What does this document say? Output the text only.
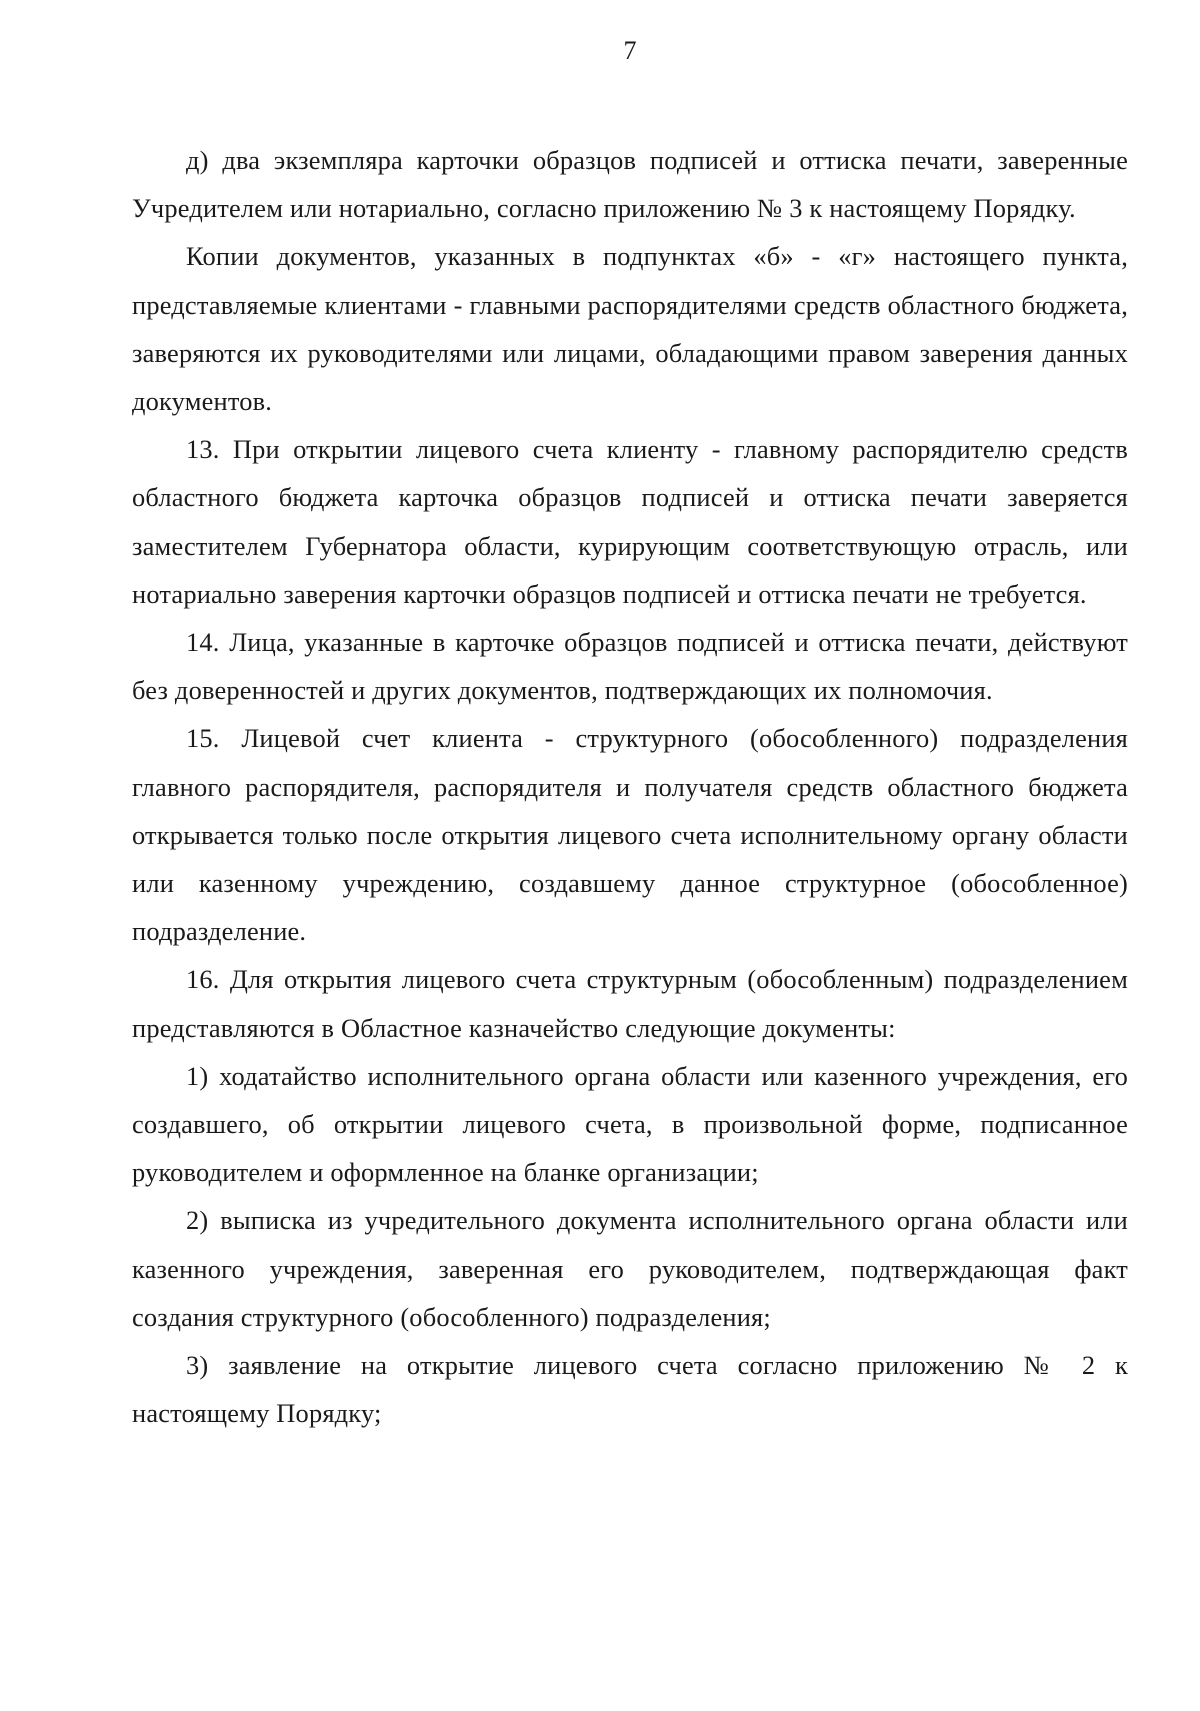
7

д) два экземпляра карточки образцов подписей и оттиска печати, заверенные Учредителем или нотариально, согласно приложению № 3 к настоящему Порядку.

Копии документов, указанных в подпунктах «б» - «г» настоящего пункта, представляемые клиентами - главными распорядителями средств областного бюджета, заверяются их руководителями или лицами, обладающими правом заверения данных документов.

13. При открытии лицевого счета клиенту - главному распорядителю средств областного бюджета карточка образцов подписей и оттиска печати заверяется заместителем Губернатора области, курирующим соответствующую отрасль, или нотариально заверения карточки образцов подписей и оттиска печати не требуется.

14. Лица, указанные в карточке образцов подписей и оттиска печати, действуют без доверенностей и других документов, подтверждающих их полномочия.

15. Лицевой счет клиента - структурного (обособленного) подразделения главного распорядителя, распорядителя и получателя средств областного бюджета открывается только после открытия лицевого счета исполнительному органу области или казенному учреждению, создавшему данное структурное (обособленное) подразделение.

16. Для открытия лицевого счета структурным (обособленным) подразделением представляются в Областное казначейство следующие документы:

1) ходатайство исполнительного органа области или казенного учреждения, его создавшего, об открытии лицевого счета, в произвольной форме, подписанное руководителем и оформленное на бланке организации;

2) выписка из учредительного документа исполнительного органа области или казенного учреждения, заверенная его руководителем, подтверждающая факт создания структурного (обособленного) подразделения;

3) заявление на открытие лицевого счета согласно приложению № 2 к настоящему Порядку;
